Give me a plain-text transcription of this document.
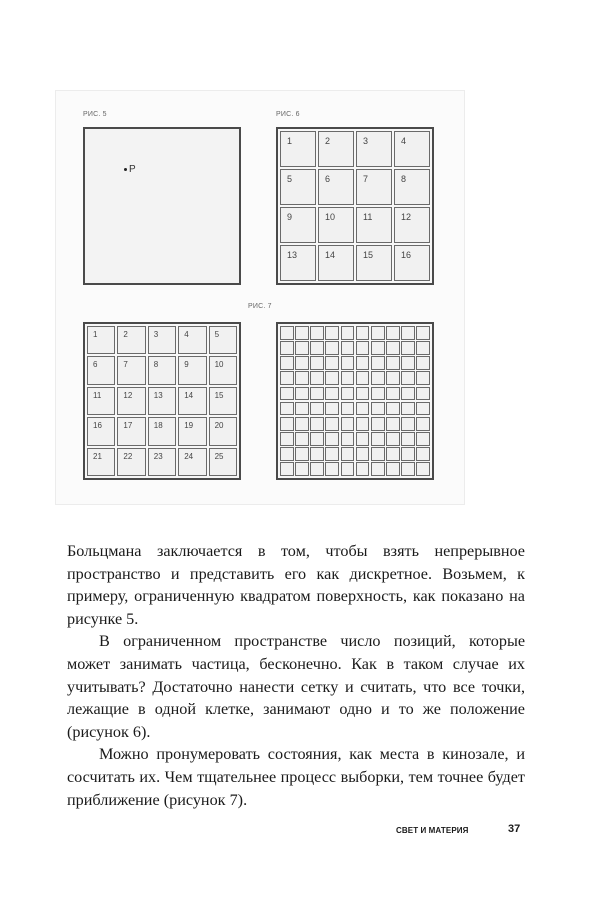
РИС. 5
P
РИС. 6
1	2	3	4
5	6	7	8
9	10	11	12
13	14	15	16
РИС. 7
1	2	3	4	5
6	7	8	9	10
11	12	13	14	15
16	17	18	19	20
21	22	23	24	25

Больцмана заключается в том, чтобы взять непрерывное пространство и представить его как дискретное. Возьмем, к примеру, ограниченную квадратом поверхность, как показано на рисунке 5.

В ограниченном пространстве число позиций, которые может занимать частица, бесконечно. Как в таком случае их учитывать? Достаточно нанести сетку и считать, что все точки, лежащие в одной клетке, занимают одно и то же положение (рисунок 6).

Можно пронумеровать состояния, как места в кинозале, и сосчитать их. Чем тщательнее процесс выборки, тем точнее будет приближение (рисунок 7).

СВЕТ И МАТЕРИЯ	37
